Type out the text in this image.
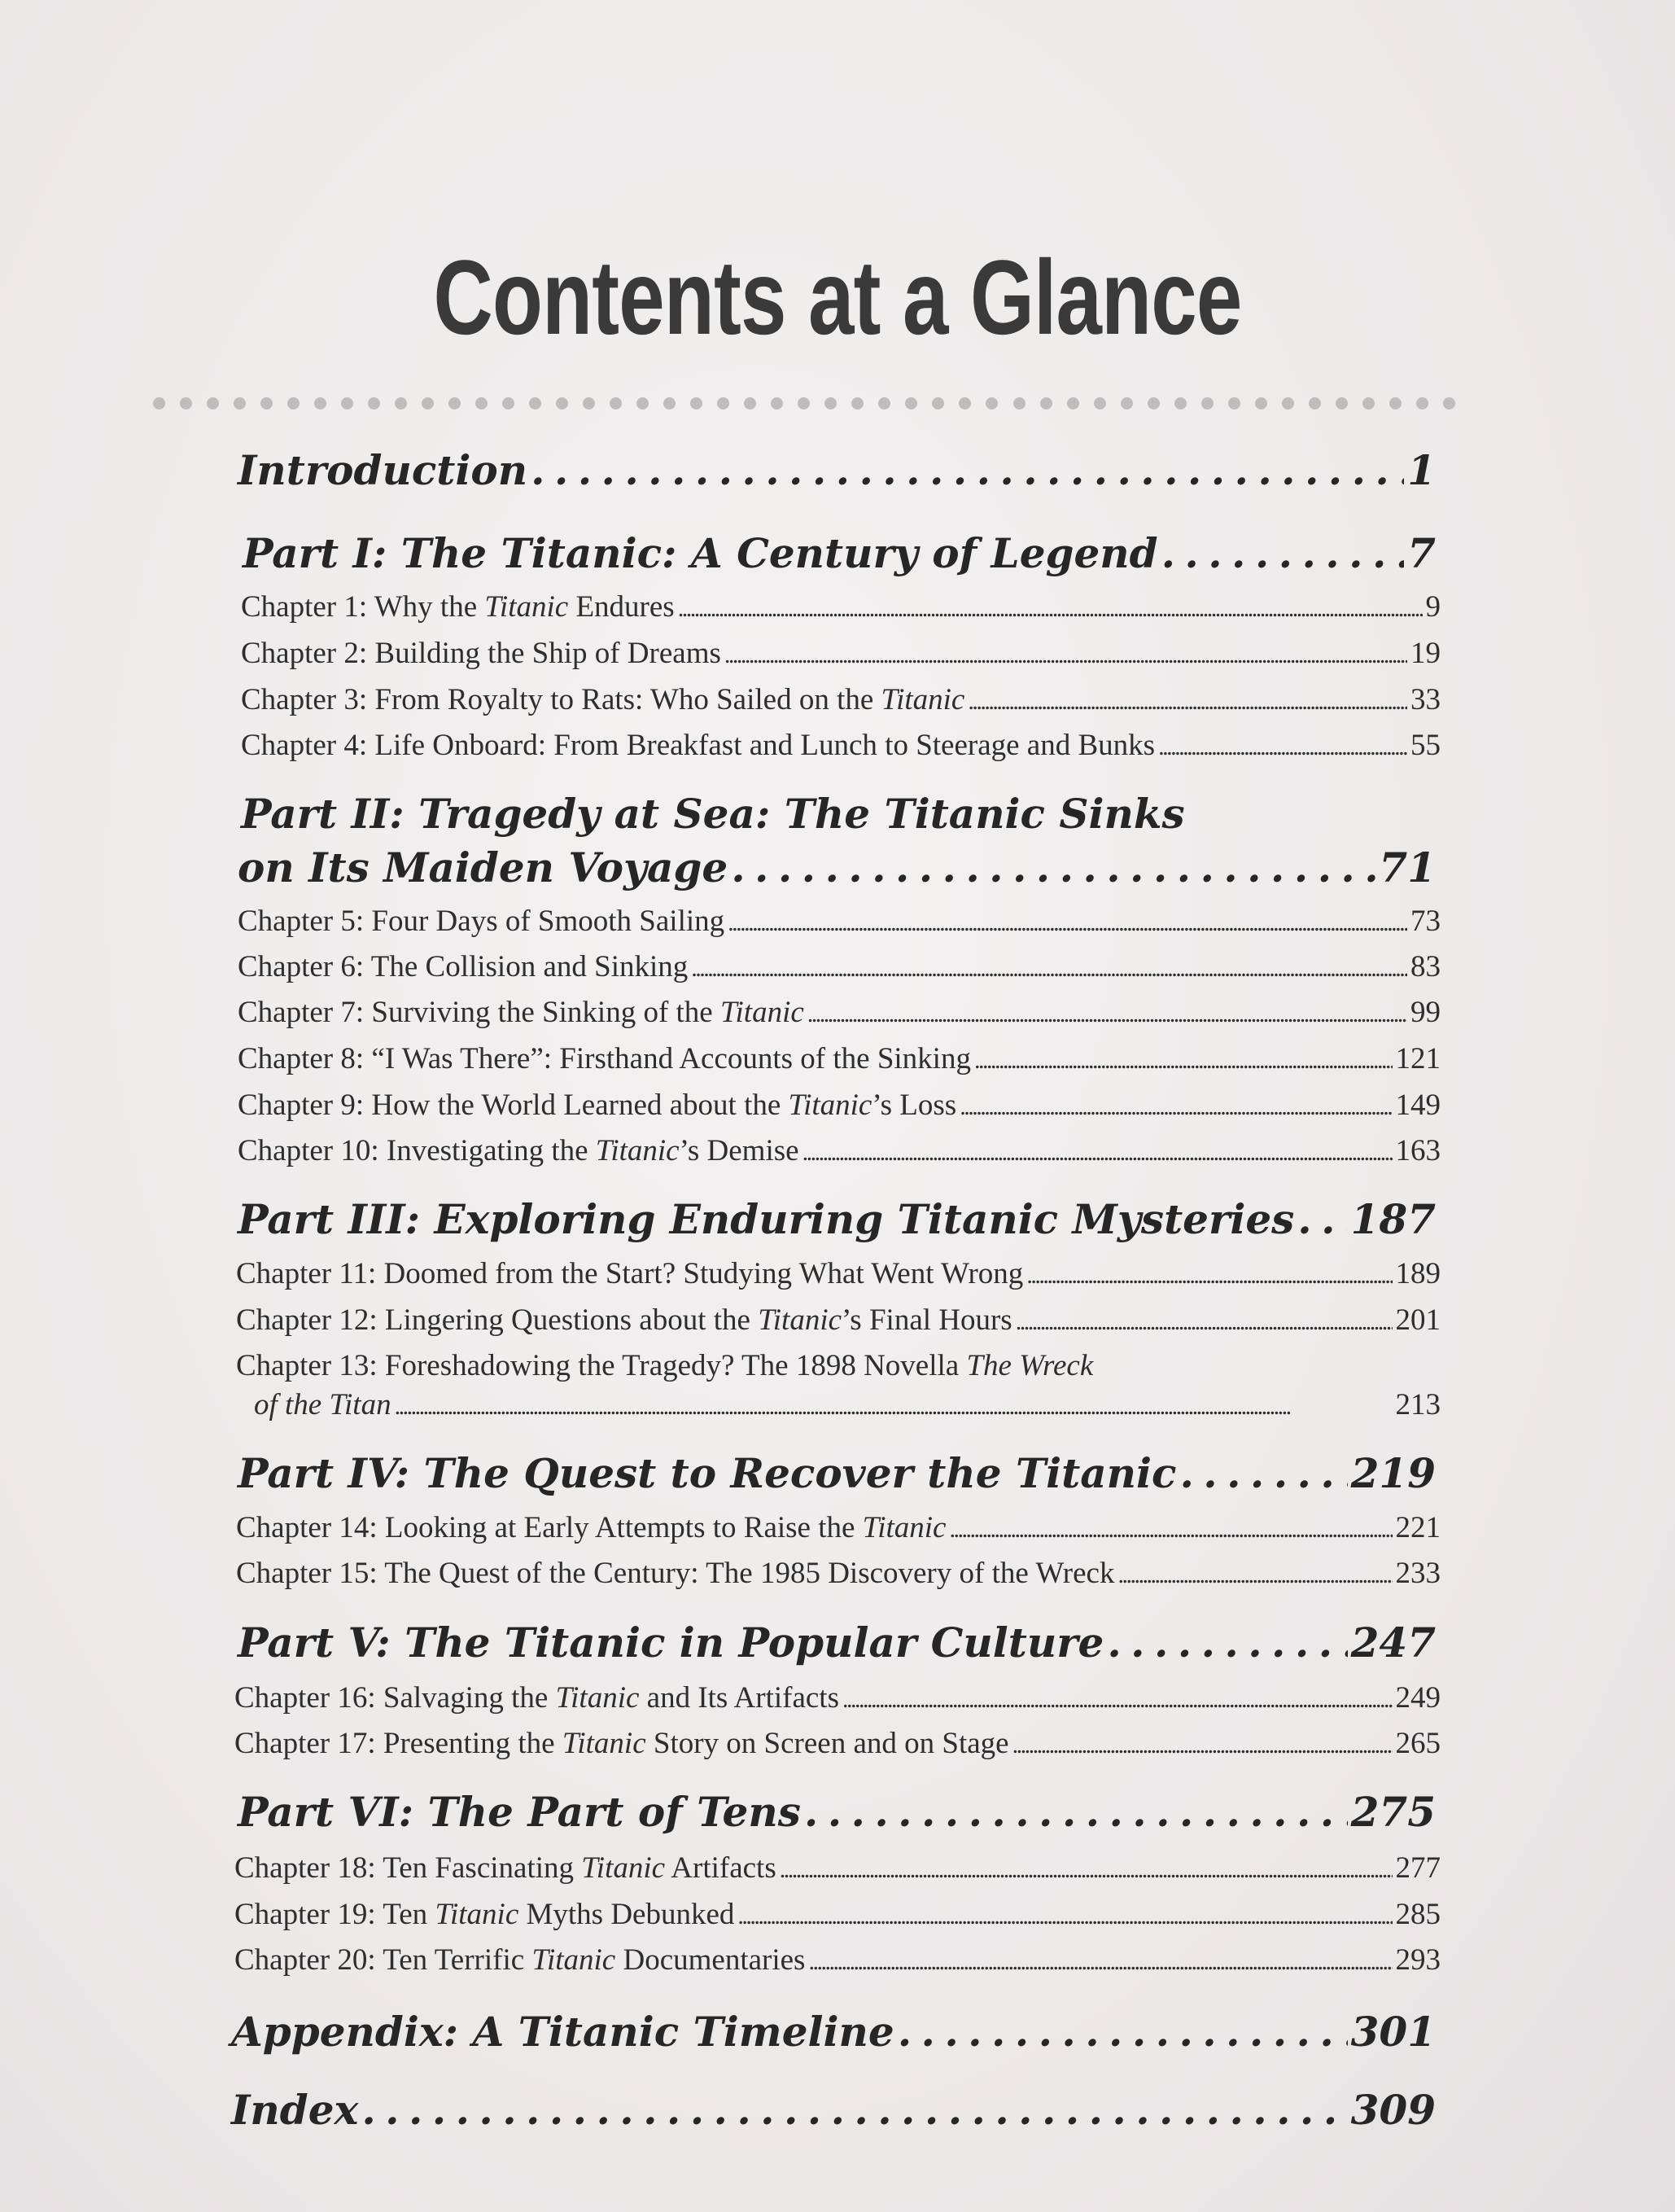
Contents at a Glance
Introduction . . .	1
Part I: The Titanic: A Century of Legend . . .	7
Chapter 1: Why the Titanic Endures . . .	9
Chapter 2: Building the Ship of Dreams . . .	19
Chapter 3: From Royalty to Rats: Who Sailed on the Titanic . . .	33
Chapter 4: Life Onboard: From Breakfast and Lunch to Steerage and Bunks . . .	55
Part II: Tragedy at Sea: The Titanic Sinks
on Its Maiden Voyage . . .	71
Chapter 5: Four Days of Smooth Sailing . . .	73
Chapter 6: The Collision and Sinking . . .	83
Chapter 7: Surviving the Sinking of the Titanic . . .	99
Chapter 8: “I Was There”: Firsthand Accounts of the Sinking . . .	121
Chapter 9: How the World Learned about the Titanic’s Loss . . .	149
Chapter 10: Investigating the Titanic’s Demise . . .	163
Part III: Exploring Enduring Titanic Mysteries . . . 187
Chapter 11: Doomed from the Start? Studying What Went Wrong . . .	189
Chapter 12: Lingering Questions about the Titanic’s Final Hours . . .	201
Chapter 13: Foreshadowing the Tragedy? The 1898 Novella The Wreck
of the Titan . . .	213
Part IV: The Quest to Recover the Titanic . . .	219
Chapter 14: Looking at Early Attempts to Raise the Titanic . . .	221
Chapter 15: The Quest of the Century: The 1985 Discovery of the Wreck . . .	233
Part V: The Titanic in Popular Culture . . .	247
Chapter 16: Salvaging the Titanic and Its Artifacts . . .	249
Chapter 17: Presenting the Titanic Story on Screen and on Stage . . .	265
Part VI: The Part of Tens . . .	275
Chapter 18: Ten Fascinating Titanic Artifacts . . .	277
Chapter 19: Ten Titanic Myths Debunked . . .	285
Chapter 20: Ten Terrific Titanic Documentaries . . .	293
Appendix: A Titanic Timeline . . .	301
Index . . .	309
